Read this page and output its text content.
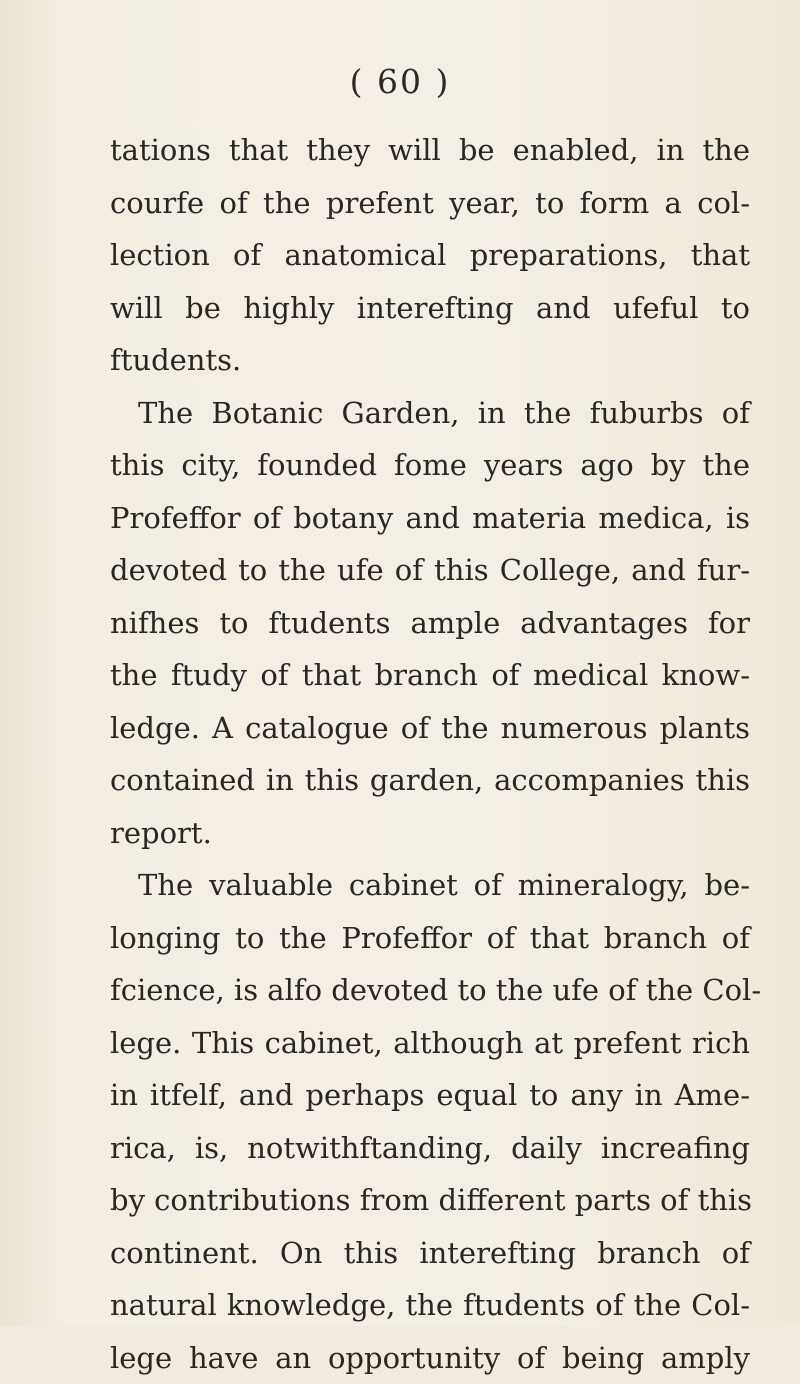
( 60 )
tations that they will be enabled, in the
courfe of the prefent year, to form a col-
lection of anatomical preparations, that
will be highly interefting and ufeful to
ftudents.
The Botanic Garden, in the fuburbs of
this city, founded fome years ago by the
Profeffor of botany and materia medica, is
devoted to the ufe of this College, and fur-
nifhes to ftudents ample advantages for
the ftudy of that branch of medical know-
ledge. A catalogue of the numerous plants
contained in this garden, accompanies this
report.
The valuable cabinet of mineralogy, be-
longing to the Profeffor of that branch of
fcience, is alfo devoted to the ufe of the Col-
lege. This cabinet, although at prefent rich
in itfelf, and perhaps equal to any in Ame-
rica, is, notwithftanding, daily increafing
by contributions from different parts of this
continent. On this interefting branch of
natural knowledge, the ftudents of the Col-
lege have an opportunity of being amply
